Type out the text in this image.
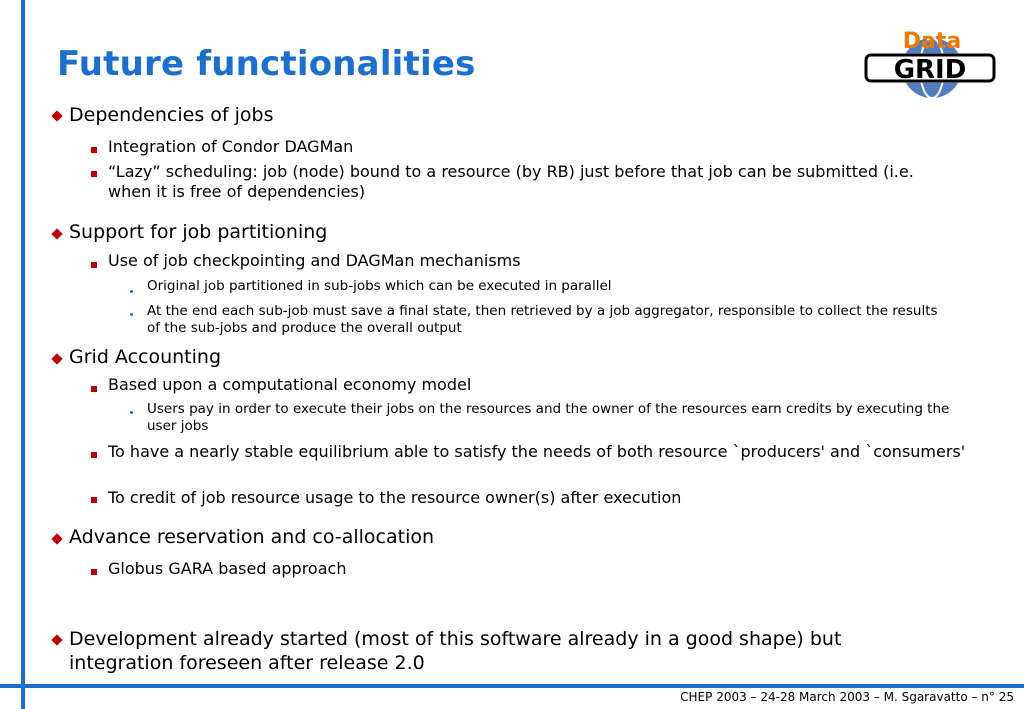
Future functionalities	GRID
Data
Dependencies of jobs
Integration of Condor DAGMan
“Lazy” scheduling: job (node) bound to a resource (by RB) just before that job can be submitted (i.e. when it is free of dependencies)
Support for job partitioning
Use of job checkpointing and DAGMan mechanisms
Original job partitioned in sub-jobs which can be executed in parallel
At the end each sub-job must save a final state, then retrieved by a job aggregator, responsible to collect the results of the sub-jobs and produce the overall output
Grid Accounting
Based upon a computational economy model
Users pay in order to execute their jobs on the resources and the owner of the resources earn credits by executing the user jobs
To have a nearly stable equilibrium able to satisfy the needs of both resource `producers' and `consumers'
To credit of job resource usage to the resource owner(s) after execution
Advance reservation and co-allocation
Globus GARA based approach
Development already started (most of this software already in a good shape) but integration foreseen after release 2.0
CHEP 2003 – 24-28 March 2003 – M. Sgaravatto – n° 25
